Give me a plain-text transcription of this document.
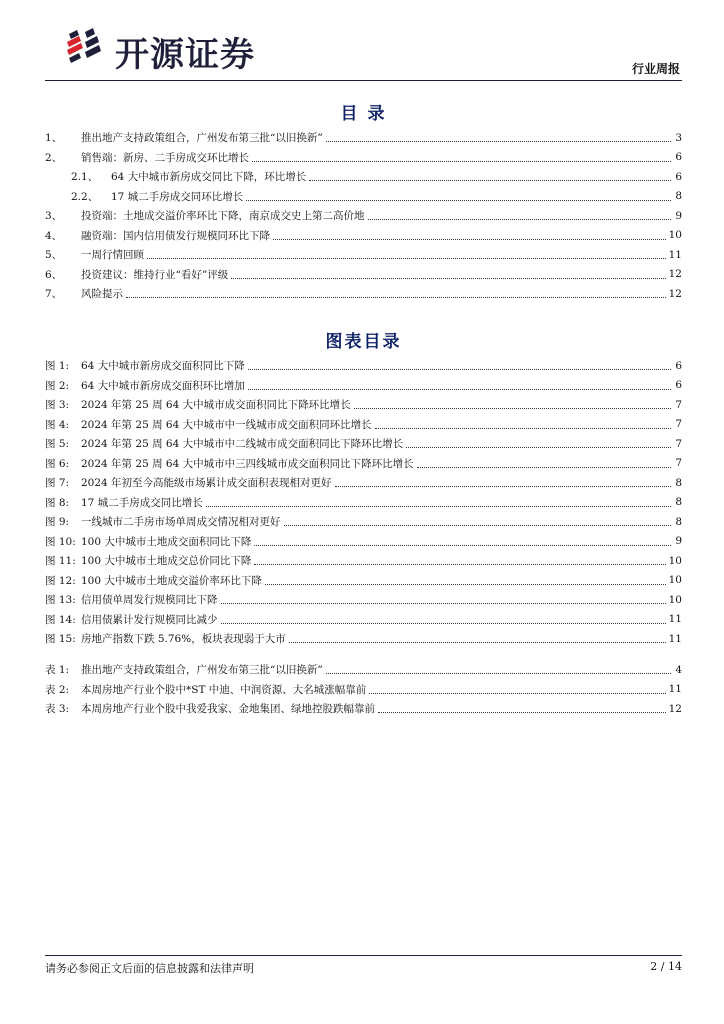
开源证券	行业周报
目 录
1、 推出地产支持政策组合，广州发布第三批“以旧换新”	3
2、 销售端：新房、二手房成交环比增长	6
2.1、 64 大中城市新房成交同比下降，环比增长	6
2.2、 17 城二手房成交同环比增长	8
3、 投资端：土地成交溢价率环比下降，南京成交史上第二高价地	9
4、 融资端：国内信用债发行规模同环比下降	10
5、 一周行情回顾	11
6、 投资建议：维持行业“看好”评级	12
7、 风险提示	12
图表目录
图 1: 64 大中城市新房成交面积同比下降	6
图 2: 64 大中城市新房成交面积环比增加	6
图 3: 2024 年第 25 周 64 大中城市成交面积同比下降环比增长	7
图 4: 2024 年第 25 周 64 大中城市中一线城市成交面积同环比增长	7
图 5: 2024 年第 25 周 64 大中城市中二线城市成交面积同比下降环比增长	7
图 6: 2024 年第 25 周 64 大中城市中三四线城市成交面积同比下降环比增长	7
图 7: 2024 年初至今高能级市场累计成交面积表现相对更好	8
图 8: 17 城二手房成交同比增长	8
图 9: 一线城市二手房市场单周成交情况相对更好	8
图 10: 100 大中城市土地成交面积同比下降	9
图 11: 100 大中城市土地成交总价同比下降	10
图 12: 100 大中城市土地成交溢价率环比下降	10
图 13: 信用债单周发行规模同比下降	10
图 14: 信用债累计发行规模同比减少	11
图 15: 房地产指数下跌 5.76%，板块表现弱于大市	11
表 1: 推出地产支持政策组合，广州发布第三批“以旧换新”	4
表 2: 本周房地产行业个股中*ST 中迪、中润资源、大名城涨幅靠前	11
表 3: 本周房地产行业个股中我爱我家、金地集团、绿地控股跌幅靠前	12
请务必参阅正文后面的信息披露和法律声明	2 / 14
